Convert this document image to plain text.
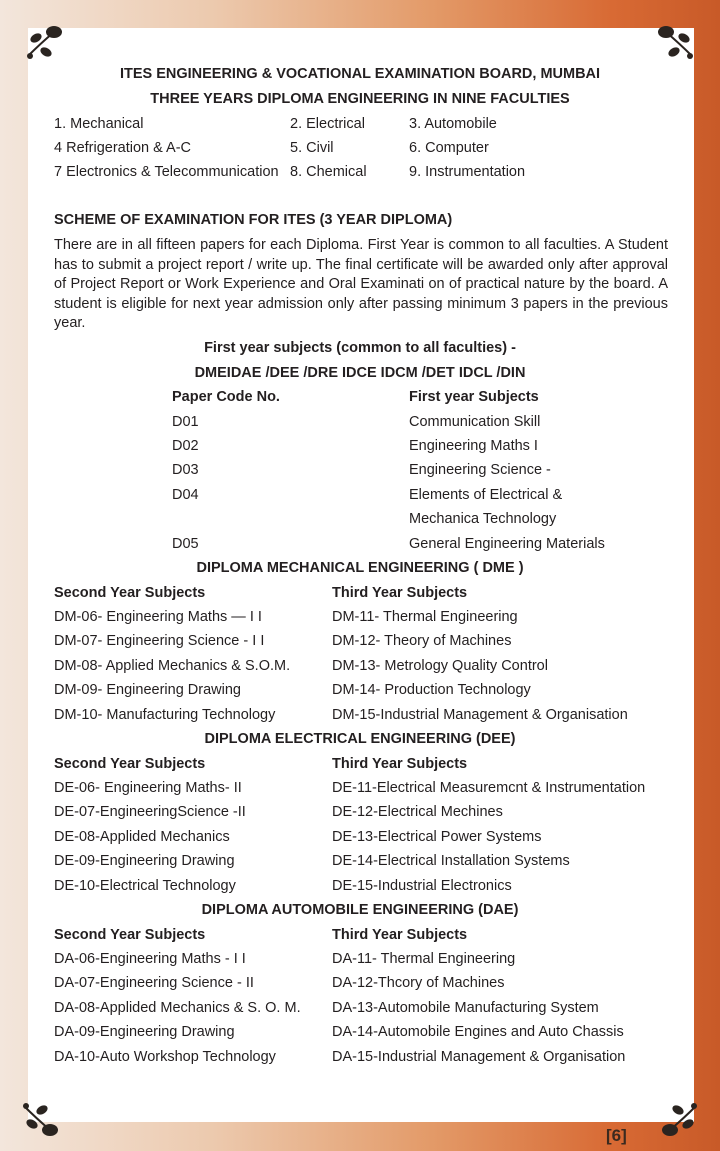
ITES ENGINEERING & VOCATIONAL EXAMINATION BOARD, MUMBAI
THREE YEARS DIPLOMA ENGINEERING IN NINE FACULTIES
1. Mechanical	2. Electrical	3. Automobile
4 Refrigeration & A-C	5. Civil	6. Computer
7 Electronics & Telecommunication 8. Chemical	9. Instrumentation
SCHEME OF EXAMINATION FOR ITES (3 YEAR DIPLOMA)
There are in all fifteen papers for each Diploma. First Year is common to all faculties. A Student has to submit a project report / write up. The final certificate will be awarded only after approval of Project Report or Work Experience and Oral Examinati on of practical nature by the board. A student is eligible for next year admission only after passing minimum 3 papers in the previous year.
First year subjects (common to all faculties) -
DMEIDAE /DEE /DRE IDCE IDCM /DET IDCL /DIN
Paper Code No.	First year Subjects
D01	Communication Skill
D02	Engineering Maths I
D03	Engineering Science -
D04	Elements of Electrical &
Mechanica Technology
D05	General Engineering Materials
DIPLOMA MECHANICAL ENGINEERING ( DME )
Second Year Subjects	Third Year Subjects
DM-06- Engineering Maths — I I	DM-11- Thermal Engineering
DM-07- Engineering Science - I I	DM-12- Theory of Machines
DM-08- Applied Mechanics & S.O.M.	DM-13- Metrology Quality Control
DM-09- Engineering Drawing	DM-14- Production Technology
DM-10- Manufacturing Technology	DM-15-Industrial Management & Organisation
DIPLOMA ELECTRICAL ENGINEERING (DEE)
Second Year Subjects	Third Year Subjects
DE-06- Engineering Maths- II	DE-11-Electrical Measuremcnt & Instrumentation
DE-07-EngineeringScience -II	DE-12-Electrical Mechines
DE-08-Applided Mechanics	DE-13-Electrical Power Systems
DE-09-Engineering Drawing	DE-14-Electrical Installation Systems
DE-10-Electrical Technology	DE-15-Industrial Electronics
DIPLOMA AUTOMOBILE ENGINEERING (DAE)
Second Year Subjects	Third Year Subjects
DA-06-Engineering Maths - I I	DA-11- Thermal Engineering
DA-07-Engineering Science - II	DA-12-Thcory of Machines
DA-08-Applided Mechanics & S. O. M. DA-13-Automobile Manufacturing System
DA-09-Engineering Drawing	DA-14-Automobile Engines and Auto Chassis
DA-10-Auto Workshop Technology	DA-15-Industrial Management & Organisation
[6]
